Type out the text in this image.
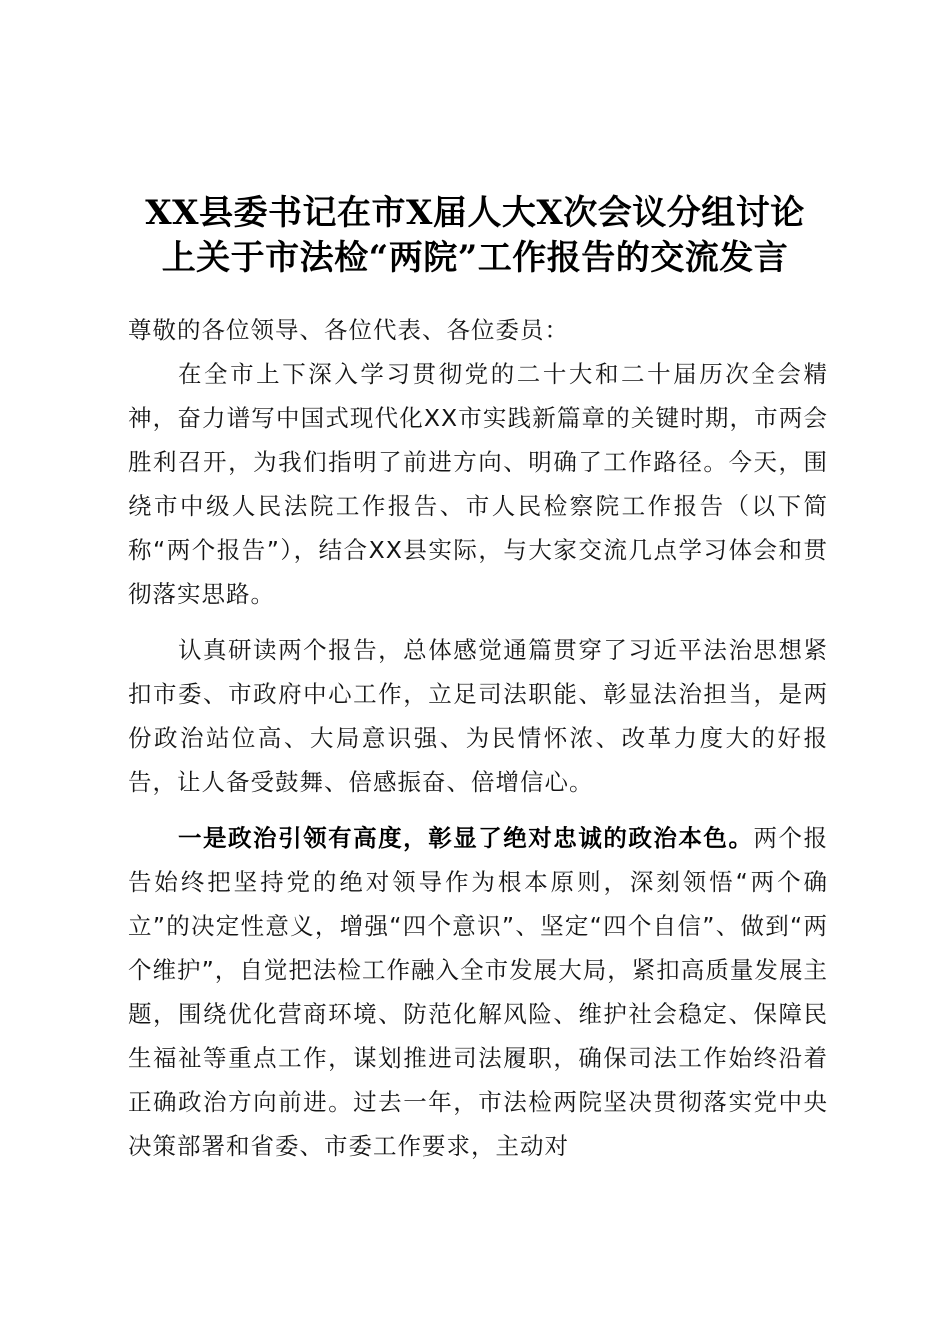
XX县委书记在市X届人大X次会议分组讨论
上关于市法检“两院”工作报告的交流发言

尊敬的各位领导、各位代表、各位委员：

在全市上下深入学习贯彻党的二十大和二十届历次全会精神，奋力谱写中国式现代化XX市实践新篇章的关键时期，市两会胜利召开，为我们指明了前进方向、明确了工作路径。今天，围绕市中级人民法院工作报告、市人民检察院工作报告（以下简称“两个报告”），结合XX县实际，与大家交流几点学习体会和贯彻落实思路。

认真研读两个报告，总体感觉通篇贯穿了习近平法治思想紧扣市委、市政府中心工作，立足司法职能、彰显法治担当，是两份政治站位高、大局意识强、为民情怀浓、改革力度大的好报告，让人备受鼓舞、倍感振奋、倍增信心。

一是政治引领有高度，彰显了绝对忠诚的政治本色。两个报告始终把坚持党的绝对领导作为根本原则，深刻领悟“两个确立”的决定性意义，增强“四个意识”、坚定“四个自信”、做到“两个维护”，自觉把法检工作融入全市发展大局，紧扣高质量发展主题，围绕优化营商环境、防范化解风险、维护社会稳定、保障民生福祉等重点工作，谋划推进司法履职，确保司法工作始终沿着正确政治方向前进。过去一年，市法检两院坚决贯彻落实党中央决策部署和省委、市委工作要求，主动对
